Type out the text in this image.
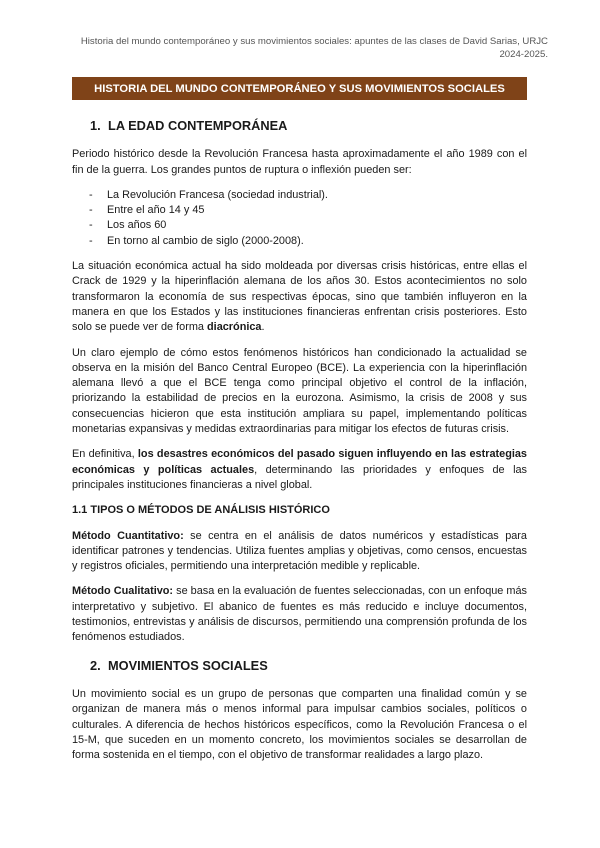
Historia del mundo contemporáneo y sus movimientos sociales: apuntes de las clases de David Sarias, URJC 2024-2025.
HISTORIA DEL MUNDO CONTEMPORÁNEO Y SUS MOVIMIENTOS SOCIALES
1. LA EDAD CONTEMPORÁNEA

Periodo histórico desde la Revolución Francesa hasta aproximadamente el año 1989 con el fin de la guerra. Los grandes puntos de ruptura o inflexión pueden ser:

- La Revolución Francesa (sociedad industrial).
- Entre el año 14 y 45
- Los años 60
- En torno al cambio de siglo (2000-2008).

La situación económica actual ha sido moldeada por diversas crisis históricas, entre ellas el Crack de 1929 y la hiperinflación alemana de los años 30. Estos acontecimientos no solo transformaron la economía de sus respectivas épocas, sino que también influyeron en la manera en que los Estados y las instituciones financieras enfrentan crisis posteriores. Esto solo se puede ver de forma diacrónica.

Un claro ejemplo de cómo estos fenómenos históricos han condicionado la actualidad se observa en la misión del Banco Central Europeo (BCE). La experiencia con la hiperinflación alemana llevó a que el BCE tenga como principal objetivo el control de la inflación, priorizando la estabilidad de precios en la eurozona. Asimismo, la crisis de 2008 y sus consecuencias hicieron que esta institución ampliara su papel, implementando políticas monetarias expansivas y medidas extraordinarias para mitigar los efectos de futuras crisis.

En definitiva, los desastres económicos del pasado siguen influyendo en las estrategias económicas y políticas actuales, determinando las prioridades y enfoques de las principales instituciones financieras a nivel global.

1.1 TIPOS O MÉTODOS DE ANÁLISIS HISTÓRICO

Método Cuantitativo: se centra en el análisis de datos numéricos y estadísticas para identificar patrones y tendencias. Utiliza fuentes amplias y objetivas, como censos, encuestas y registros oficiales, permitiendo una interpretación medible y replicable.

Método Cualitativo: se basa en la evaluación de fuentes seleccionadas, con un enfoque más interpretativo y subjetivo. El abanico de fuentes es más reducido e incluye documentos, testimonios, entrevistas y análisis de discursos, permitiendo una comprensión profunda de los fenómenos estudiados.

2. MOVIMIENTOS SOCIALES

Un movimiento social es un grupo de personas que comparten una finalidad común y se organizan de manera más o menos informal para impulsar cambios sociales, políticos o culturales. A diferencia de hechos históricos específicos, como la Revolución Francesa o el 15-M, que suceden en un momento concreto, los movimientos sociales se desarrollan de forma sostenida en el tiempo, con el objetivo de transformar realidades a largo plazo.
